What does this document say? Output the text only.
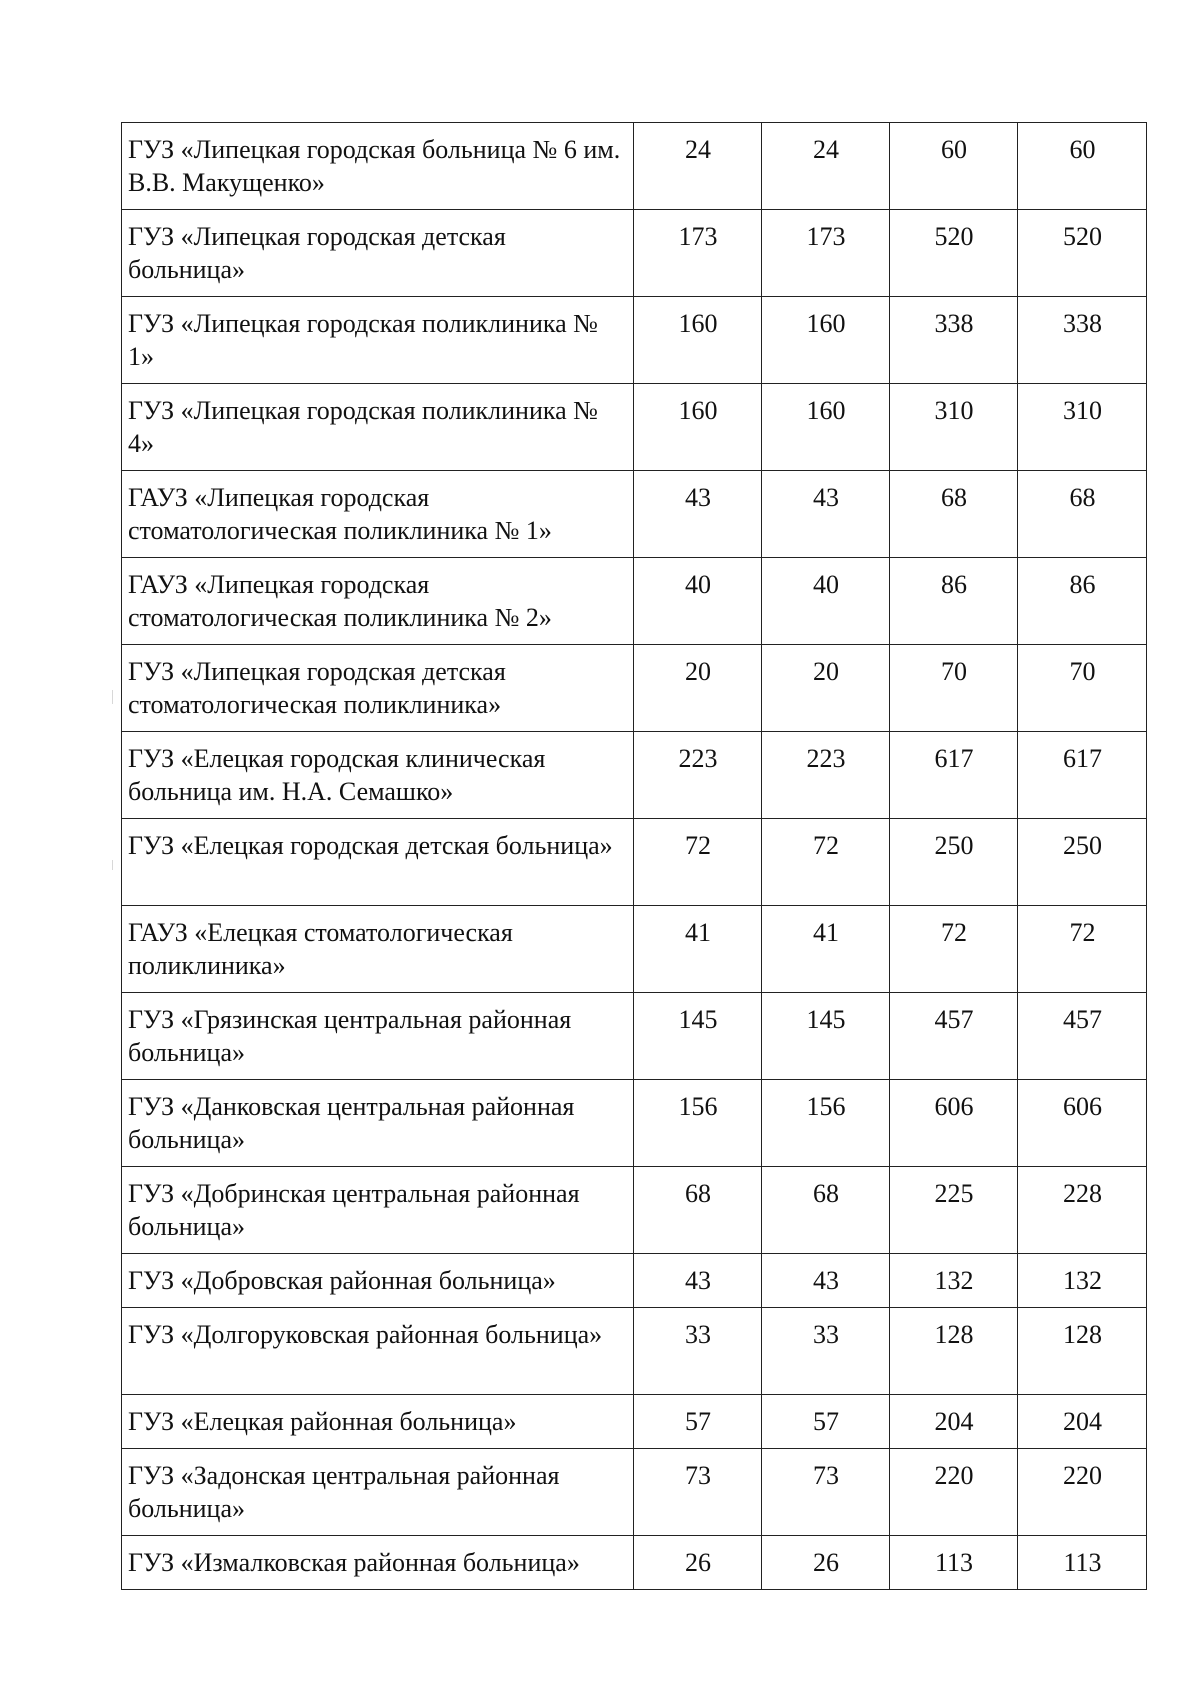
ГУЗ «Липецкая городская больница № 6 им. В.В. Макущенко»	24	24	60	60
ГУЗ «Липецкая городская детская больница»	173	173	520	520
ГУЗ «Липецкая городская поликлиника № 1»	160	160	338	338
ГУЗ «Липецкая городская поликлиника № 4»	160	160	310	310
ГАУЗ «Липецкая городская стоматологическая поликлиника № 1»	43	43	68	68
ГАУЗ «Липецкая городская стоматологическая поликлиника № 2»	40	40	86	86
ГУЗ «Липецкая городская детская стоматологическая поликлиника»	20	20	70	70
ГУЗ «Елецкая городская клиническая больница им. Н.А. Семашко»	223	223	617	617
ГУЗ «Елецкая городская детская больница»	72	72	250	250
ГАУЗ «Елецкая стоматологическая поликлиника»	41	41	72	72
ГУЗ «Грязинская центральная районная больница»	145	145	457	457
ГУЗ «Данковская центральная районная больница»	156	156	606	606
ГУЗ «Добринская центральная районная больница»	68	68	225	228
ГУЗ «Добровская районная больница»	43	43	132	132
ГУЗ «Долгоруковская районная больница»	33	33	128	128
ГУЗ «Елецкая районная больница»	57	57	204	204
ГУЗ «Задонская центральная районная больница»	73	73	220	220
ГУЗ «Измалковская районная больница»	26	26	113	113
